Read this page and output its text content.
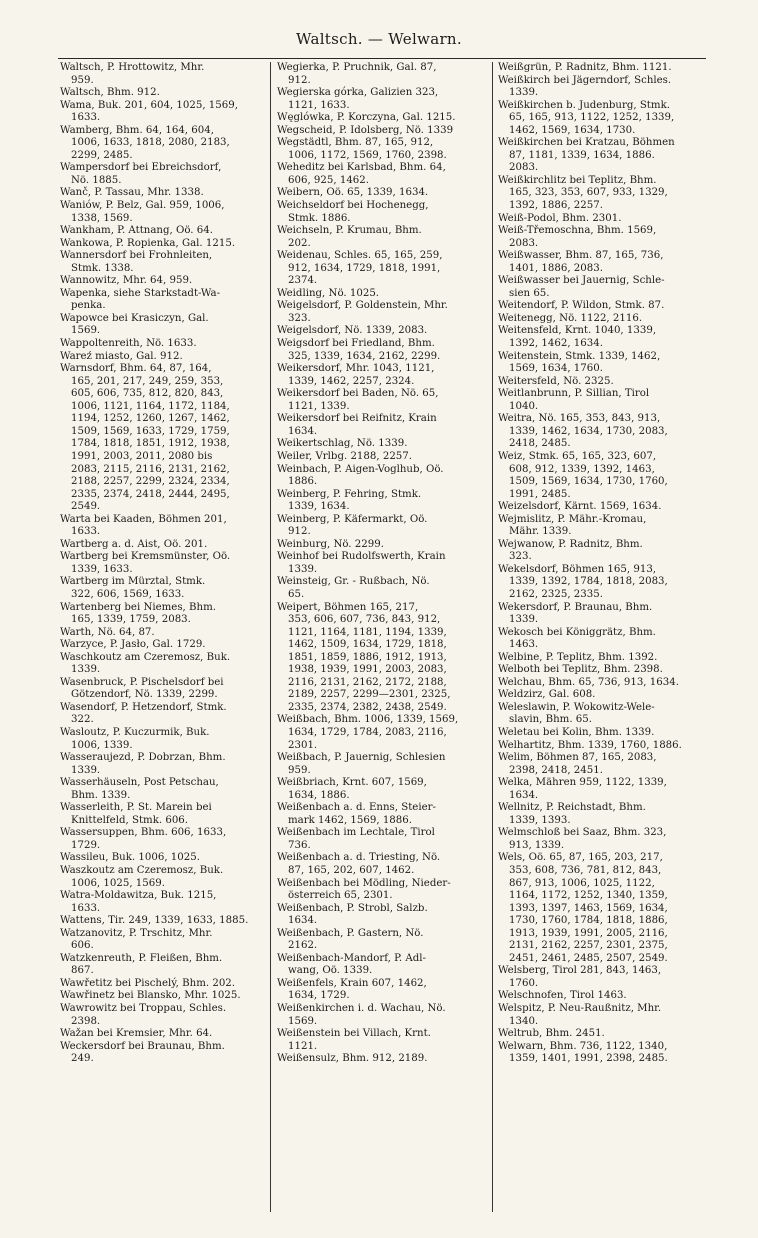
Waltsch. — Welwarn.
Waltsch, P. Hrottowitz, Mhr.
959.
Waltsch, Bhm. 912.
Wama, Buk. 201, 604, 1025, 1569,
1633.
Wamberg, Bhm. 64, 164, 604,
1006, 1633, 1818, 2080, 2183,
2299, 2485.
Wampersdorf bei Ebreichsdorf,
Nö. 1885.
Wanč, P. Tassau, Mhr. 1338.
Waniów, P. Belz, Gal. 959, 1006,
1338, 1569.
Wankham, P. Attnang, Oö. 64.
Wankowa, P. Ropienka, Gal. 1215.
Wannersdorf bei Frohnleiten,
Stmk. 1338.
Wannowitz, Mhr. 64, 959.
Wapenka, siehe Starkstadt-Wa-
penka.
Wapowce bei Krasiczyn, Gal.
1569.
Wappoltenreith, Nö. 1633.
Wareź miasto, Gal. 912.
Warnsdorf, Bhm. 64, 87, 164,
165, 201, 217, 249, 259, 353,
605, 606, 735, 812, 820, 843,
1006, 1121, 1164, 1172, 1184,
1194, 1252, 1260, 1267, 1462,
1509, 1569, 1633, 1729, 1759,
1784, 1818, 1851, 1912, 1938,
1991, 2003, 2011, 2080 bis
2083, 2115, 2116, 2131, 2162,
2188, 2257, 2299, 2324, 2334,
2335, 2374, 2418, 2444, 2495,
2549.
Warta bei Kaaden, Böhmen 201,
1633.
Wartberg a. d. Aist, Oö. 201.
Wartberg bei Kremsmünster, Oö.
1339, 1633.
Wartberg im Mürztal, Stmk.
322, 606, 1569, 1633.
Wartenberg bei Niemes, Bhm.
165, 1339, 1759, 2083.
Warth, Nö. 64, 87.
Warzyce, P. Jasło, Gal. 1729.
Waschkoutz am Czeremosz, Buk.
1339.
Wasenbruck, P. Pischelsdorf bei
Götzendorf, Nö. 1339, 2299.
Wasendorf, P. Hetzendorf, Stmk.
322.
Wasloutz, P. Kuczurmik, Buk.
1006, 1339.
Wasseraujezd, P. Dobrzan, Bhm.
1339.
Wasserhäuseln, Post Petschau,
Bhm. 1339.
Wasserleith, P. St. Marein bei
Knittelfeld, Stmk. 606.
Wassersuppen, Bhm. 606, 1633,
1729.
Wassileu, Buk. 1006, 1025.
Waszkoutz am Czeremosz, Buk.
1006, 1025, 1569.
Watra-Moldawitza, Buk. 1215,
1633.
Wattens, Tir. 249, 1339, 1633, 1885.
Watzanovitz, P. Trschitz, Mhr.
606.
Watzkenreuth, P. Fleißen, Bhm.
867.
Wawřetitz bei Pischelý, Bhm. 202.
Wawřinetz bei Blansko, Mhr. 1025.
Wawrowitz bei Troppau, Schles.
2398.
Wažan bei Kremsier, Mhr. 64.
Weckersdorf bei Braunau, Bhm.
249.
Wegierka, P. Pruchnik, Gal. 87,
912.
Wegierska górka, Galizien 323,
1121, 1633.
Węglówka, P. Korczyna, Gal. 1215.
Wegscheid, P. Idolsberg, Nö. 1339
Wegstädtl, Bhm. 87, 165, 912,
1006, 1172, 1569, 1760, 2398.
Weheditz bei Karlsbad, Bhm. 64,
606, 925, 1462.
Weibern, Oö. 65, 1339, 1634.
Weichseldorf bei Hochenegg,
Stmk. 1886.
Weichseln, P. Krumau, Bhm.
202.
Weidenau, Schles. 65, 165, 259,
912, 1634, 1729, 1818, 1991,
2374.
Weidling, Nö. 1025.
Weigelsdorf, P. Goldenstein, Mhr.
323.
Weigelsdorf, Nö. 1339, 2083.
Weigsdorf bei Friedland, Bhm.
325, 1339, 1634, 2162, 2299.
Weikersdorf, Mhr. 1043, 1121,
1339, 1462, 2257, 2324.
Weikersdorf bei Baden, Nö. 65,
1121, 1339.
Weikersdorf bei Reifnitz, Krain
1634.
Weikertschlag, Nö. 1339.
Weiler, Vrlbg. 2188, 2257.
Weinbach, P. Aigen-Voglhub, Oö.
1886.
Weinberg, P. Fehring, Stmk.
1339, 1634.
Weinberg, P. Käfermarkt, Oö.
912.
Weinburg, Nö. 2299.
Weinhof bei Rudolfswerth, Krain
1339.
Weinsteig, Gr. - Rußbach, Nö.
65.
Weipert, Böhmen 165, 217,
353, 606, 607, 736, 843, 912,
1121, 1164, 1181, 1194, 1339,
1462, 1509, 1634, 1729, 1818,
1851, 1859, 1886, 1912, 1913,
1938, 1939, 1991, 2003, 2083,
2116, 2131, 2162, 2172, 2188,
2189, 2257, 2299—2301, 2325,
2335, 2374, 2382, 2438, 2549.
Weißbach, Bhm. 1006, 1339, 1569,
1634, 1729, 1784, 2083, 2116,
2301.
Weißbach, P. Jauernig, Schlesien
959.
Weißbriach, Krnt. 607, 1569,
1634, 1886.
Weißenbach a. d. Enns, Steier-
mark 1462, 1569, 1886.
Weißenbach im Lechtale, Tirol
736.
Weißenbach a. d. Triesting, Nö.
87, 165, 202, 607, 1462.
Weißenbach bei Mödling, Nieder-
österreich 65, 2301.
Weißenbach, P. Strobl, Salzb.
1634.
Weißenbach, P. Gastern, Nö.
2162.
Weißenbach-Mandorf, P. Adl-
wang, Oö. 1339.
Weißenfels, Krain 607, 1462,
1634, 1729.
Weißenkirchen i. d. Wachau, Nö.
1569.
Weißenstein bei Villach, Krnt.
1121.
Weißensulz, Bhm. 912, 2189.
Weißgrün, P. Radnitz, Bhm. 1121.
Weißkirch bei Jägerndorf, Schles.
1339.
Weißkirchen b. Judenburg, Stmk.
65, 165, 913, 1122, 1252, 1339,
1462, 1569, 1634, 1730.
Weißkirchen bei Kratzau, Böhmen
87, 1181, 1339, 1634, 1886.
2083.
Weißkirchlitz bei Teplitz, Bhm.
165, 323, 353, 607, 933, 1329,
1392, 1886, 2257.
Weiß-Podol, Bhm. 2301.
Weiß-Třemoschna, Bhm. 1569,
2083.
Weißwasser, Bhm. 87, 165, 736,
1401, 1886, 2083.
Weißwasser bei Jauernig, Schle-
sien 65.
Weitendorf, P. Wildon, Stmk. 87.
Weitenegg, Nö. 1122, 2116.
Weitensfeld, Krnt. 1040, 1339,
1392, 1462, 1634.
Weitenstein, Stmk. 1339, 1462,
1569, 1634, 1760.
Weitersfeld, Nö. 2325.
Weitlanbrunn, P. Sillian, Tirol
1040.
Weitra, Nö. 165, 353, 843, 913,
1339, 1462, 1634, 1730, 2083,
2418, 2485.
Weiz, Stmk. 65, 165, 323, 607,
608, 912, 1339, 1392, 1463,
1509, 1569, 1634, 1730, 1760,
1991, 2485.
Weizelsdorf, Kärnt. 1569, 1634.
Wejmislitz, P. Mähr.-Kromau,
Mähr. 1339.
Wejwanow, P. Radnitz, Bhm.
323.
Wekelsdorf, Böhmen 165, 913,
1339, 1392, 1784, 1818, 2083,
2162, 2325, 2335.
Wekersdorf, P. Braunau, Bhm.
1339.
Wekosch bei Königgrätz, Bhm.
1463.
Welbine, P. Teplitz, Bhm. 1392.
Welboth bei Teplitz, Bhm. 2398.
Welchau, Bhm. 65, 736, 913, 1634.
Weldzirz, Gal. 608.
Weleslawin, P. Wokowitz-Wele-
slavin, Bhm. 65.
Weletau bei Kolin, Bhm. 1339.
Welhartitz, Bhm. 1339, 1760, 1886.
Welim, Böhmen 87, 165, 2083,
2398, 2418, 2451.
Welka, Mähren 959, 1122, 1339,
1634.
Wellnitz, P. Reichstadt, Bhm.
1339, 1393.
Welmschloß bei Saaz, Bhm. 323,
913, 1339.
Wels, Oö. 65, 87, 165, 203, 217,
353, 608, 736, 781, 812, 843,
867, 913, 1006, 1025, 1122,
1164, 1172, 1252, 1340, 1359,
1393, 1397, 1463, 1569, 1634,
1730, 1760, 1784, 1818, 1886,
1913, 1939, 1991, 2005, 2116,
2131, 2162, 2257, 2301, 2375,
2451, 2461, 2485, 2507, 2549.
Welsberg, Tirol 281, 843, 1463,
1760.
Welschnofen, Tirol 1463.
Welspitz, P. Neu-Raußnitz, Mhr.
1340.
Weltrub, Bhm. 2451.
Welwarn, Bhm. 736, 1122, 1340,
1359, 1401, 1991, 2398, 2485.
